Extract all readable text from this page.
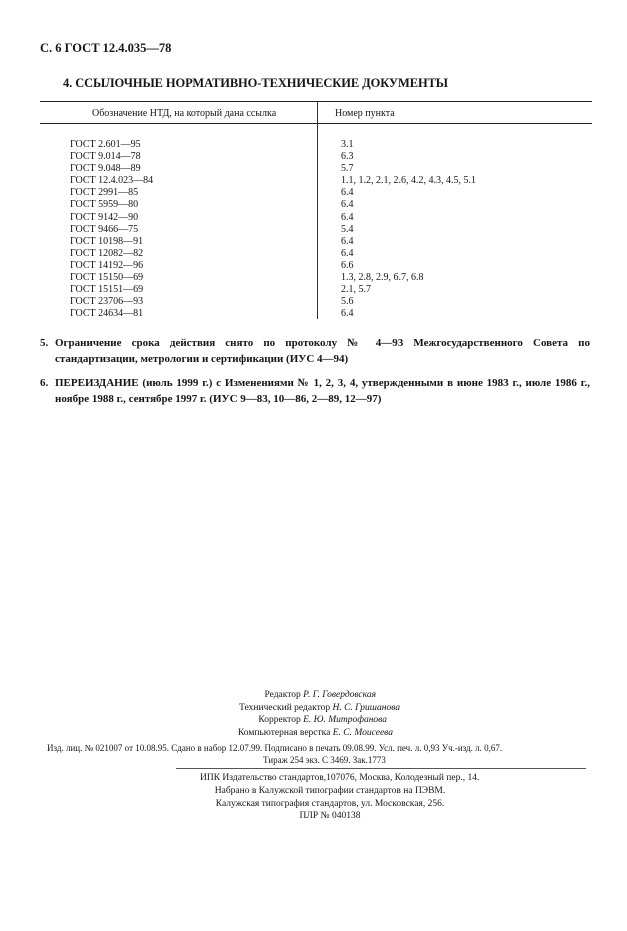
С. 6 ГОСТ 12.4.035—78
4. ССЫЛОЧНЫЕ НОРМАТИВНО-ТЕХНИЧЕСКИЕ ДОКУМЕНТЫ
Обозначение НТД, на который дана ссылка	Номер пункта
ГОСТ 2.601—95
ГОСТ 9.014—78
ГОСТ 9.048—89
ГОСТ 12.4.023—84
ГОСТ 2991—85
ГОСТ 5959—80
ГОСТ 9142—90
ГОСТ 9466—75
ГОСТ 10198—91
ГОСТ 12082—82
ГОСТ 14192—96
ГОСТ 15150—69
ГОСТ 15151—69
ГОСТ 23706—93
ГОСТ 24634—81
3.1
6.3
5.7
1.1, 1.2, 2.1, 2.6, 4.2, 4.3, 4.5, 5.1
6.4
6.4
6.4
5.4
6.4
6.4
6.6
1.3, 2.8, 2.9, 6.7, 6.8
2.1, 5.7
5.6
6.4
5. Ограничение срока действия снято по протоколу № 4—93 Межгосударственного Совета по стандартизации, метрологии и сертификации (ИУС 4—94)
6. ПЕРЕИЗДАНИЕ (июль 1999 г.) с Изменениями № 1, 2, 3, 4, утвержденными в июне 1983 г., июле 1986 г., ноябре 1988 г., сентябре 1997 г. (ИУС 9—83, 10—86, 2—89, 12—97)
Редактор Р. Г. Говердовская
Технический редактор Н. С. Гришанова
Корректор Е. Ю. Митрофанова
Компьютерная верстка Е. С. Моисеева
Изд. лиц. № 021007 от 10.08.95. Сдано в набор 12.07.99. Подписано в печать 09.08.99. Усл. печ. л. 0,93 Уч.-изд. л. 0,67.
Тираж 254 экз. С 3469. Зак.1773
ИПК Издательство стандартов,107076, Москва, Колодезный пер., 14.
Набрано в Калужской типографии стандартов на ПЭВМ.
Калужская типография стандартов, ул. Московская, 256.
ПЛР № 040138
